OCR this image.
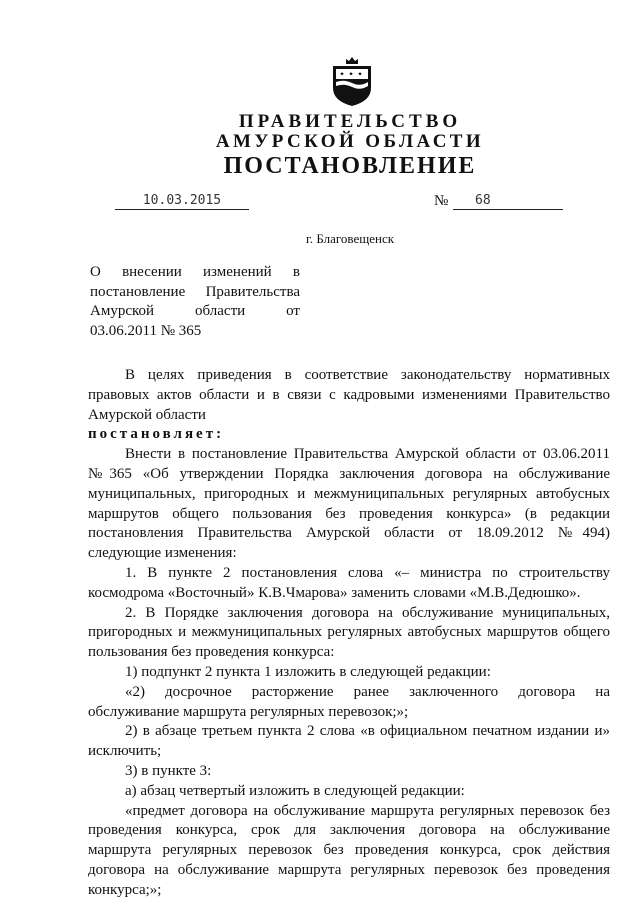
ПРАВИТЕЛЬСТВО
АМУРСКОЙ ОБЛАСТИ
ПОСТАНОВЛЕНИЕ
10.03.2015	№	68
г. Благовещенск
О внесении изменений в
постановление Правительства
Амурской области от
03.06.2011 № 365
В целях приведения в соответствие законодательству нормативных
правовых актов области и в связи с кадровыми изменениями Правительство
Амурской области
постановляет:
Внести в постановление Правительства Амурской области от 03.06.2011
№365 «Об утверждении Порядка заключения договора на обслуживание
муниципальных, пригородных и межмуниципальных регулярных автобусных
маршрутов общего пользования без проведения конкурса» (в редакции
постановления Правительства Амурской области от 18.09.2012 №494)
следующие изменения:
1. В пункте 2 постановления слова «– министра по строительству
космодрома «Восточный» К.В.Чмарова» заменить словами «М.В.Дедюшко».
2. В Порядке заключения договора на обслуживание муниципальных,
пригородных и межмуниципальных регулярных автобусных маршрутов общего
пользования без проведения конкурса:
1) подпункт 2 пункта 1 изложить в следующей редакции:
«2) досрочное расторжение ранее заключенного договора на
обслуживание маршрута регулярных перевозок;»;
2) в абзаце третьем пункта 2 слова «в официальном печатном издании и»
исключить;
3) в пункте 3:
а) абзац четвертый изложить в следующей редакции:
«предмет договора на обслуживание маршрута регулярных перевозок без
проведения конкурса, срок для заключения договора на обслуживание
маршрута регулярных перевозок без проведения конкурса, срок действия
договора на обслуживание маршрута регулярных перевозок без проведения
конкурса;»;
